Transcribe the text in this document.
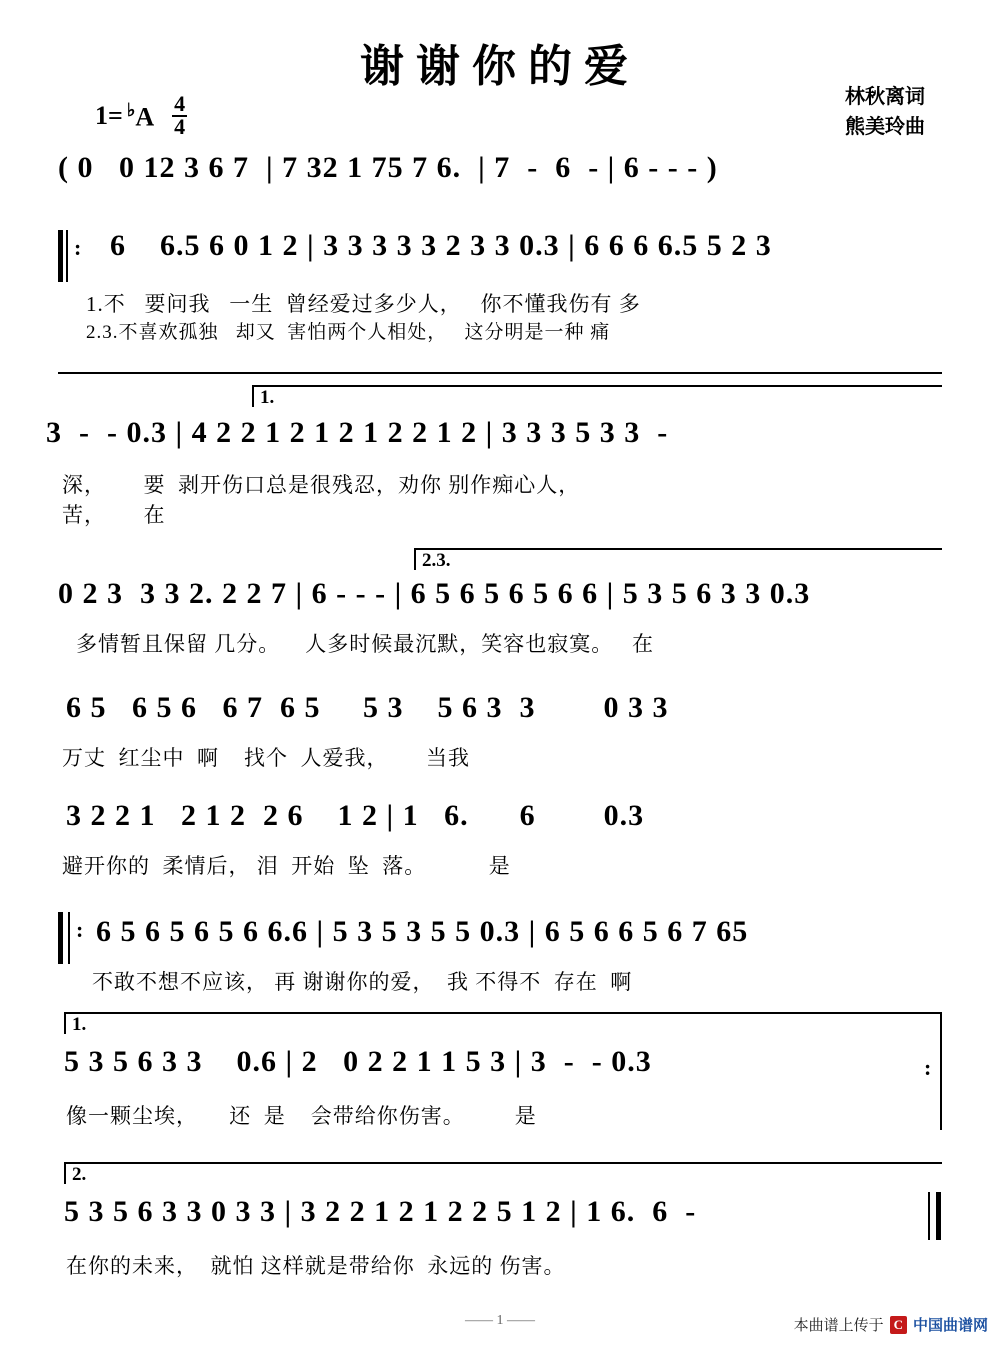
谢谢你的爱
林秋离词
熊美玲曲
$1= ^♭A \frac{4}{4}$
( 0   0 12 3 6 7  | 7 32 1 75 7 6.  | 7  -  6  - | 6 - - - )
: 6    6.5 6 0 1 2 | 3 3 3 3 3 2 3 3 0.3 | 6 6 6 6.5 5 2 3
1.不   要问我   一生  曾经爱过多少人，   你不懂我伤有 多
2.3.不喜欢孤独   却又  害怕两个人相处，   这分明是一种 痛
1.
3  -  - 0.3 | 4 2 2 1 2 1 2 1 2 2 1 2 | 3 3 3 5 3 3  -
深，      要  剥开伤口总是很残忍，劝你 别作痴心人，
苦，      在
2.3.
0 2 3  3 3 2. 2 2 7 | 6 - - - | 6 5 6 5 6 5 6 6 | 5 3 5 6 3 3 0.3
多情暂且保留 几分。    人多时候最沉默，笑容也寂寞。   在
6 5   6 5 6   6 7  6 5     5 3    5 6 3  3        0 3 3
万丈  红尘中  啊    找个  人爱我，      当我
3 2 2 1   2 1 2  2 6    1 2 | 1   6.      6        0.3
避开你的  柔情后， 泪  开始  坠  落。          是
: 6 5 6 5 6 5 6 6.6 | 5 3 5 3 5 5 0.3 | 6 5 6 6 5 6 7 65
不敢不想不应该， 再 谢谢你的爱，  我 不得不  存在  啊
1.
5 3 5 6 3 3    0.6 | 2   0 2 2 1 1 5 3 | 3  -  - 0.3	:
像一颗尘埃，     还  是    会带给你伤害。        是
2.
5 3 5 6 3 3 0 3 3 | 3 2 2 1 2 1 2 2 5 1 2 | 1 6.  6  -
在你的未来，  就怕 这样就是带给你  永远的 伤害。
—— 1 ——	本曲谱上传于 C 中国曲谱网
